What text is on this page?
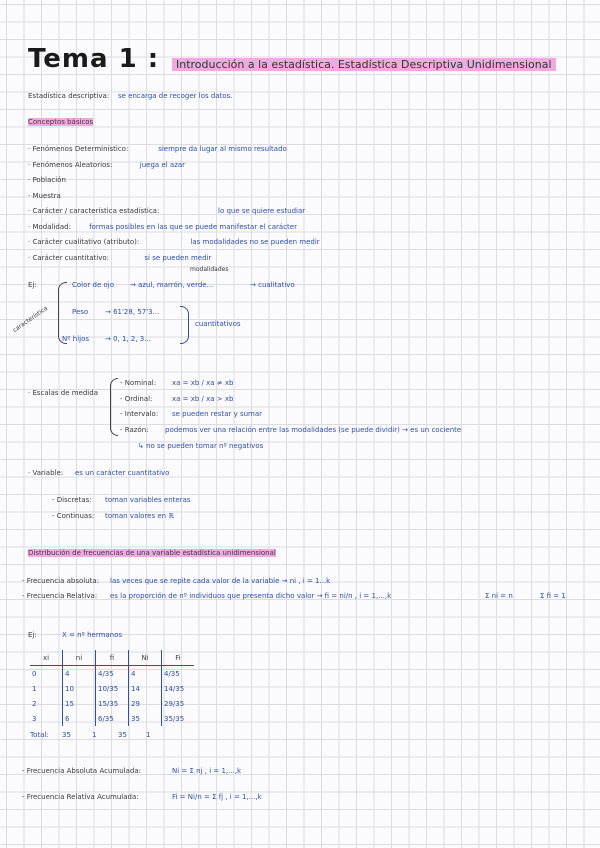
Tema 1 :	Introducción a la estadística. Estadística Descriptiva Unidimensional
Estadística descriptiva: se encarga de recoger los datos.
Conceptos básicos
· Fenómenos Determinístico:	siempre da lugar al mismo resultado
· Fenómenos Aleatorios:	juega el azar
· Población
· Muestra
· Carácter / característica estadística:	lo que se quiere estudiar
· Modalidad:	formas posibles en las que se puede manifestar el carácter
· Carácter cualitativo (atributo):	las modalidades no se pueden medir
· Carácter cuantitativo:	sí se pueden medir
Ej:
característica
modalidades
Color de ojo → azul, marrón, verde...	→ cualitativo
Peso → 61'28, 57'3...
Nº hijos → 0, 1, 2, 3...
cuantitativos
· Escalas de medida
- Nominal: xa = xb / xa ≠ xb
- Ordinal:	xa = xb / xa > xb
- Intervalo: se pueden restar y sumar
- Razón: podemos ver una relación entre las modalidades (se puede dividir) → es un cociente
↳ no se pueden tomar nº negativos
· Variable: es un carácter cuantitativo
- Discretas: toman variables enteras
- Continuas: toman valores en ℝ
Distribución de frecuencias de una variable estadística unidimensional
- Frecuencia absoluta: las veces que se repite cada valor de la variable → ni , i = 1...k
- Frecuencia Relativa: es la proporción de nº individuos que presenta dicho valor → fi = ni/n , i = 1,...,k	Σ ni = n	Σ fi = 1
Ej:	X = nº hermanos
xi	ni	fi	Ni	Fi
0	4	4/35	4	4/35
1	10	10/35	14	14/35
2	15	15/35	29	29/35
3	6	6/35	35	35/35
Total: 35	1	35	1
- Frecuencia Absoluta Acumulada:	Ni = Σ nj , i = 1,...,k
- Frecuencia Relativa Acumulada:	Fi = Ni/n = Σ fj , i = 1,...,k
